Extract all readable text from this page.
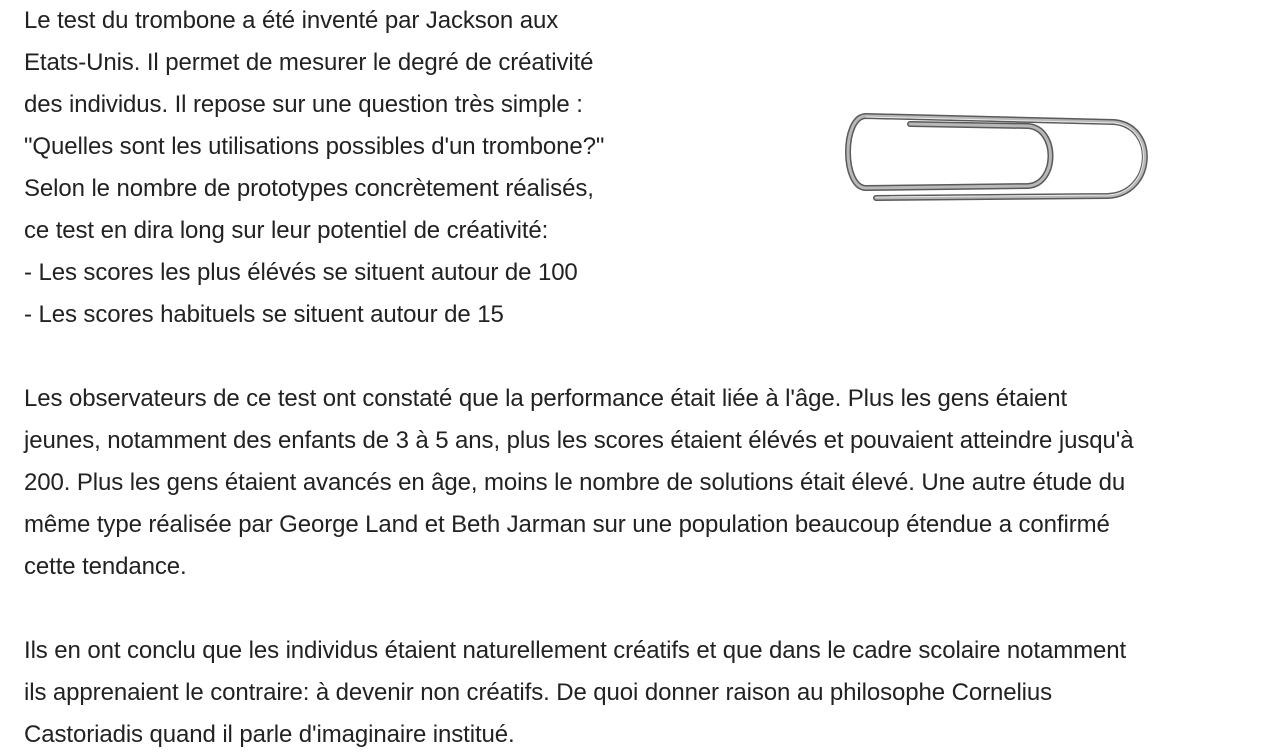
Le test du trombone a été inventé par Jackson aux
Etats-Unis. Il permet de mesurer le degré de créativité
des individus. Il repose sur une question très simple :
"Quelles sont les utilisations possibles d'un trombone?"
Selon le nombre de prototypes concrètement réalisés,
ce test en dira long sur leur potentiel de créativité:
- Les scores les plus élévés se situent autour de 100
- Les scores habituels se situent autour de 15
Les observateurs de ce test ont constaté que la performance était liée à l'âge. Plus les gens étaient
jeunes, notamment des enfants de 3 à 5 ans, plus les scores étaient élévés et pouvaient atteindre jusqu'à
200. Plus les gens étaient avancés en âge, moins le nombre de solutions était élevé. Une autre étude du
même type réalisée par George Land et Beth Jarman sur une population beaucoup étendue a confirmé
cette tendance.
Ils en ont conclu que les individus étaient naturellement créatifs et que dans le cadre scolaire notamment
ils apprenaient le contraire: à devenir non créatifs. De quoi donner raison au philosophe Cornelius
Castoriadis quand il parle d'imaginaire institué.
